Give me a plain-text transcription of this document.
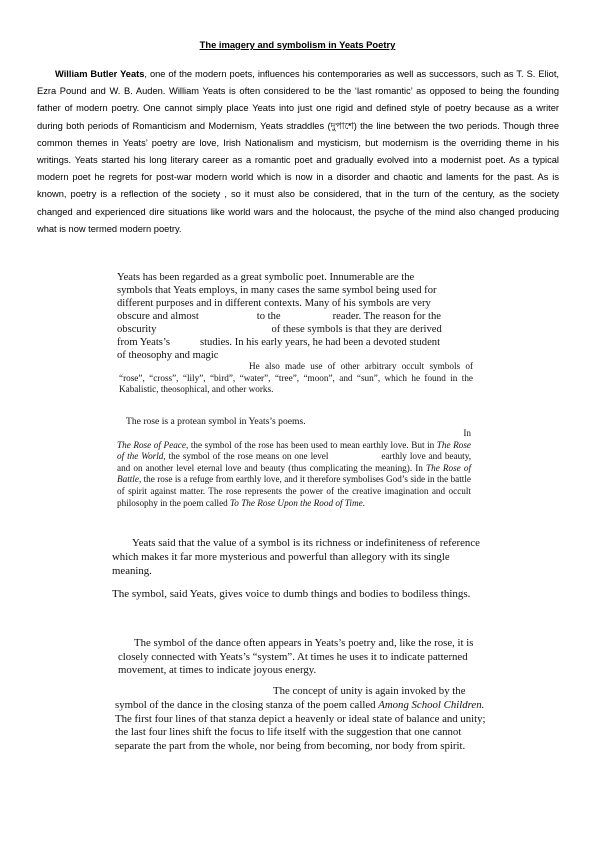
The imagery and symbolism in Yeats Poetry

William Butler Yeats, one of the modern poets, influences his contemporaries as well as successors, such as T. S. Eliot, Ezra Pound and W. B. Auden. William Yeats is often considered to be the ‘last romantic’ as opposed to being the founding father of modern poetry. One cannot simply place Yeats into just one rigid and defined style of poetry because as a writer during both periods of Romanticism and Modernism, Yeats straddles (দুপাশে) the line between the two periods. Though three common themes in Yeats’ poetry are love, Irish Nationalism and mysticism, but modernism is the overriding theme in his writings. Yeats started his long literary career as a romantic poet and gradually evolved into a modernist poet. As a typical modern poet he regrets for post-war modern world which is now in a disorder and chaotic and laments for the past. As is known, poetry is a reflection of the society , so it must also be considered, that in the turn of the century, as the society changed and experienced dire situations like world wars and the holocaust, the psyche of the mind also changed producing what is now termed modern poetry.

Yeats has been regarded as a great symbolic poet. Innumerable are the
symbols that Yeats employs, in many cases the same symbol being used for
different purposes and in different contexts. Many of his symbols are very
obscure and almost	to the	reader. The reason for the
obscurity	of these symbols is that they are derived
from Yeats’s	studies. In his early years, he had been a devoted student
of theosophy and magic

He also made use of other arbitrary occult symbols of “rose”, “cross”, “lily”, “bird”, “water”, “tree”, “moon”, and “sun”, which he found in the Kabalistic, theosophical, and other works.

The rose is a protean symbol in Yeats’s poems.

In
The Rose of Peace, the symbol of the rose has been used to mean earthly love. But in The Rose of the World, the symbol of the rose means on one level	earthly love and beauty, and on another level eternal love and beauty (thus complicating the meaning). In The Rose of Battle, the rose is a refuge from earthly love, and it therefore symbolises God’s side in the battle of spirit against matter. The rose represents the power of the creative imagination and occult philosophy in the poem called To The Rose Upon the Rood of Time.

Yeats said that the value of a symbol is its richness or indefiniteness of reference which makes it far more mysterious and powerful than allegory with its single meaning.

The symbol, said Yeats, gives voice to dumb things and bodies to bodiless things.

The symbol of the dance often appears in Yeats’s poetry and, like the rose, it is closely connected with Yeats’s “system”. At times he uses it to indicate patterned movement, at times to indicate joyous energy.

The concept of unity is again invoked by the symbol of the dance in the closing stanza of the poem called Among School Children. The first four lines of that stanza depict a heavenly or ideal state of balance and unity; the last four lines shift the focus to life itself with the suggestion that one cannot separate the part from the whole, nor being from becoming, nor body from spirit.
